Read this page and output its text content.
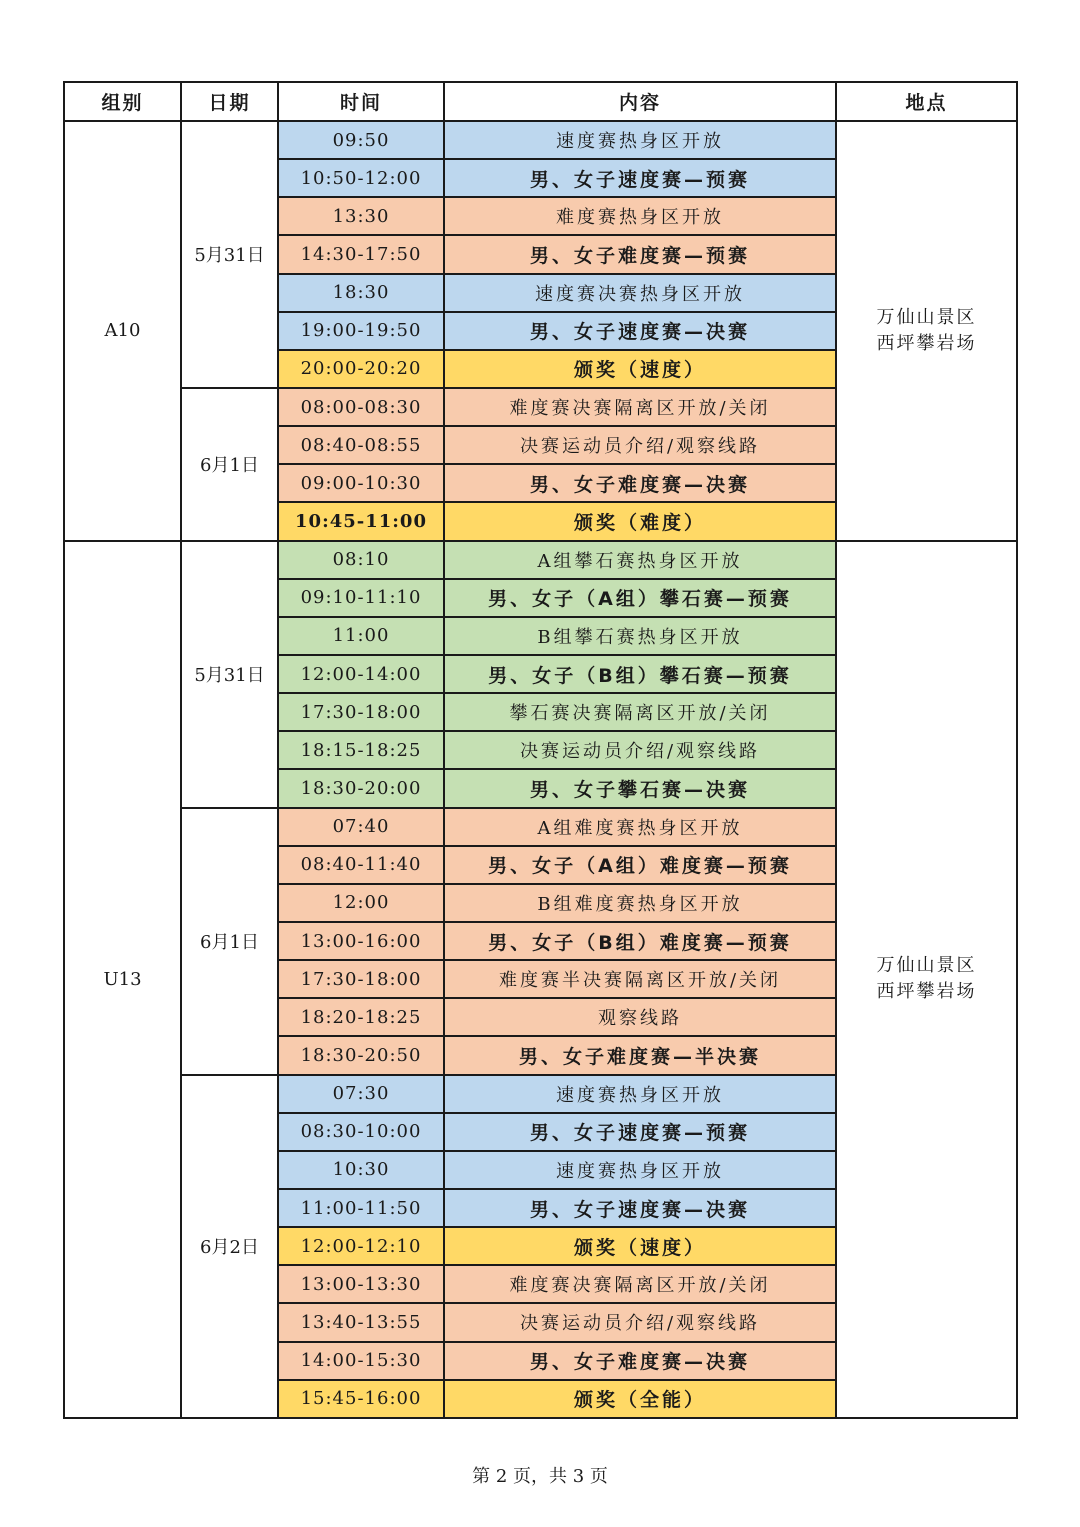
组别	日期	时间	内容	地点
A10	5月31日	09:50	速度赛热身区开放	万仙山景区
西坪攀岩场

		10:50-12:00	男、女子速度赛—预赛	
		13:30	难度赛热身区开放	
		14:30-17:50	男、女子难度赛—预赛	
		18:30	速度赛决赛热身区开放	
		19:00-19:50	男、女子速度赛—决赛	
		20:00-20:20	颁奖（速度）	
	6月1日	08:00-08:30	难度赛决赛隔离区开放/关闭	
		08:40-08:55	决赛运动员介绍/观察线路	
		09:00-10:30	男、女子难度赛—决赛	
		10:45-11:00	颁奖（难度）	
U13	5月31日	08:10	A组攀石赛热身区开放	万仙山景区
西坪攀岩场

		09:10-11:10	男、女子（A组）攀石赛—预赛	
		11:00	B组攀石赛热身区开放	
		12:00-14:00	男、女子（B组）攀石赛—预赛	
		17:30-18:00	攀石赛决赛隔离区开放/关闭	
		18:15-18:25	决赛运动员介绍/观察线路	
		18:30-20:00	男、女子攀石赛—决赛	
	6月1日	07:40	A组难度赛热身区开放	
		08:40-11:40	男、女子（A组）难度赛—预赛	
		12:00	B组难度赛热身区开放	
		13:00-16:00	男、女子（B组）难度赛—预赛	
		17:30-18:00	难度赛半决赛隔离区开放/关闭	
		18:20-18:25	观察线路	
		18:30-20:50	男、女子难度赛—半决赛	
	6月2日	07:30	速度赛热身区开放	
		08:30-10:00	男、女子速度赛—预赛	
		10:30	速度赛热身区开放	
		11:00-11:50	男、女子速度赛—决赛	
		12:00-12:10	颁奖（速度）	
		13:00-13:30	难度赛决赛隔离区开放/关闭	
		13:40-13:55	决赛运动员介绍/观察线路	
		14:00-15:30	男、女子难度赛—决赛	
		15:45-16:00	颁奖（全能）	
第 2 页，共 3 页
